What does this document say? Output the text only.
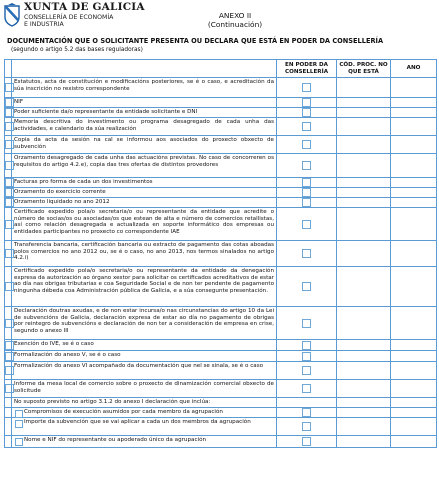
XUNTA DE GALICIA
CONSELLERÍA DE ECONOMÍA
E INDUSTRIA
ANEXO II
(Continuación)
DOCUMENTACIÓN QUE O SOLICITANTE PRESENTA OU DECLARA QUE ESTÁ EN PODER DA CONSELLERÍA
(segundo o artigo 5.2 das bases reguladoras)
		EN PODER DA CONSELLERÍA	CÓD. PROC. NO QUE ESTÁ	ANO

	Estatutos, acta de constitución e modificacións posteriores, se é o caso, e acreditación da súa inscrición no rexistro correspondente			

	NIF			

	Poder suficiente da/o representante da entidade solicitante e DNI			

	Memoria descritiva do investimento ou programa desagregado de cada unha das actividades, e calendario da súa realización			

	Copia da acta da sesión na cal se informou aos asociados do proxecto obxecto de subvención			

	Orzamento desagregado de cada unha das actuacións previstas. No caso de concorreren os requisitos do artigo 4.2.e), copia das tres ofertas de distintos provedores			

	Facturas pro forma de cada un dos investimentos			

	Orzamento do exercicio corrente			

	Orzamento liquidado no ano 2012			

	Certificado expedido pola/o secretaria/o ou representante da entidade que acredite o número de socias/os ou asociadas/os que estean de alta e número de comercios retallistas, así como relación desagregada e actualizada en soporte informático dos empresas ou entidades participantes no proxecto co correspondente IAE			

	Transferencia bancaria, certificación bancaria ou extracto de pagamento das cotas aboadas polos comercios no ano 2012 ou, se é o caso, no ano 2013, nos termos sinalados no artigo 4.2.i)			

	Certificado expedido pola/o secretaria/o ou representante da entidade da denegación expresa da autorización ao órgano xestor para solicitar os certificados acreditativos de estar ao día nas obrigas tributarias e coa Seguridade Social e de non ter pendente de pagamento ningunha débeda coa Administración pública de Galicia, e a súa consegunte presentación.			

	Declaración doutras axudas, e de non estar incursa/o nas circunstancias do artigo 10 da Lei de subvencións de Galicia, declaración expresa de estar ao día no pagamento de obrigas por reintegro de subvencións e declaración de non ter a consideración de empresa en crise, segundo o anexo III			

	Exención do IVE, se é o caso			

	Formalización do anexo V, se é o caso			

	Formalización do anexo VI acompañado da documentación que nel se sinala, se é o caso			

	Informe da mesa local de comercio sobre o proxecto de dinamización comercial obxecto de solicitude			

	No suposto previsto no artigo 3.1.2 do anexo I declaración que inclúa:			

Compromisos de execución asumidos por cada membro da agrupación			

Importe da subvención que se vai aplicar a cada un dos membros da agrupación			

Nome e NIF do representante ou apoderado único da agrupación			
